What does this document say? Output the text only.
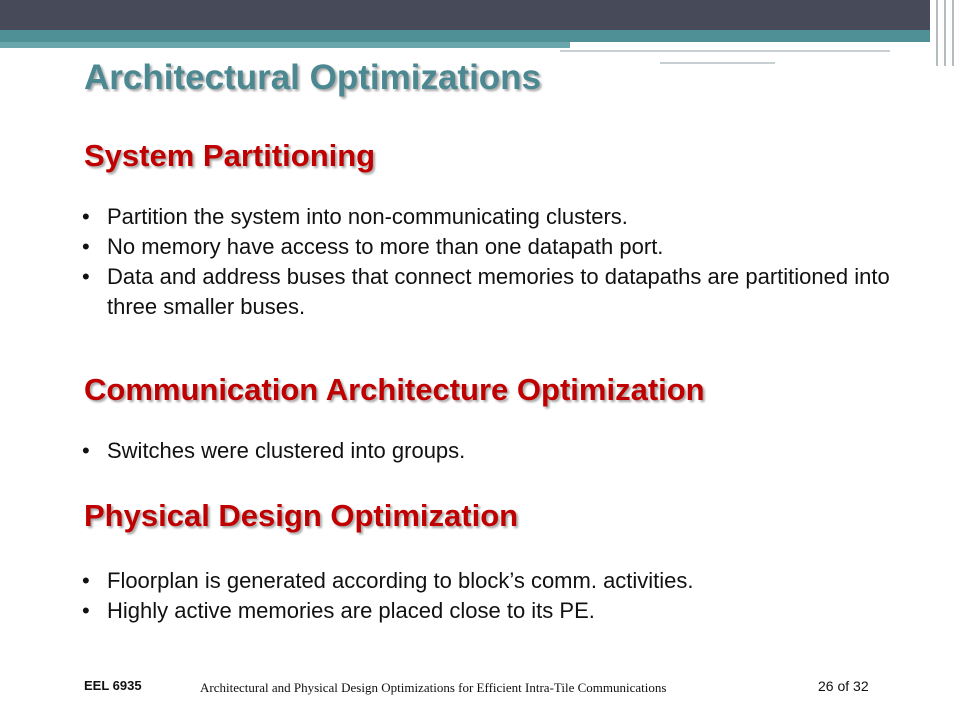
Architectural Optimizations
System Partitioning
• Partition the system into non-communicating clusters.
• No memory have access to more than one datapath port.
• Data and address buses that connect memories to datapaths are partitioned into three smaller buses.
Communication Architecture Optimization
• Switches were clustered into groups.
Physical Design Optimization
• Floorplan is generated according to block’s comm. activities.
• Highly active memories are placed close to its PE.
EEL 6935	Architectural and Physical Design Optimizations for Efficient Intra-Tile Communications	26 of 32
